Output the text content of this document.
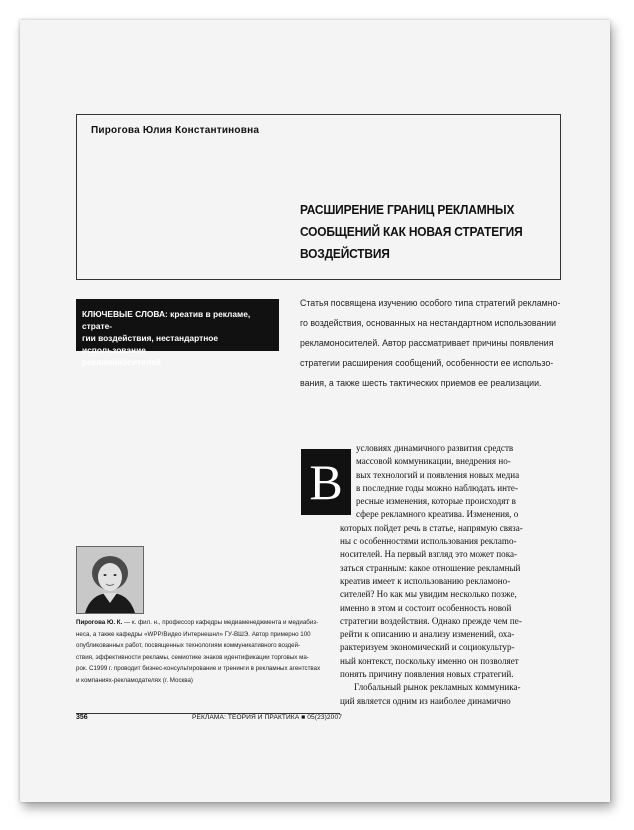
Пирогова Юлия Константиновна
РАСШИРЕНИЕ ГРАНИЦ РЕКЛАМНЫХ
СООБЩЕНИЙ КАК НОВАЯ СТРАТЕГИЯ
ВОЗДЕЙСТВИЯ
КЛЮЧЕВЫЕ СЛОВА: креатив в рекламе, страте-
гии воздействия, нестандартное использование
рекламоносителей
Статья посвящена изучению особого типа стратегий рекламно-
го воздействия, основанных на нестандартном использовании
рекламоносителей. Автор рассматривает причины появления
стратегии расширения сообщений, особенности ее использо-
вания, а также шесть тактических приемов ее реализации.
В
условиях динамичного развития средств
массовой коммуникации, внедрения но-
вых технологий и появления новых медиа
в последние годы можно наблюдать инте-
ресные изменения, которые происходят в
сфере рекламного креатива. Изменения, о
которых пойдет речь в статье, напрямую связа-
ны с особенностями использования реклamo-
носителей. На первый взгляд это может пока-
заться странным: какое отношение рекламный
креатив имеет к использованию рекламоно-
сителей? Но как мы увидим несколько позже,
именно в этом и состоит особенность новой
стратегии воздействия. Однако прежде чем пе-
рейти к описанию и анализу изменений, оха-
рактеризуем экономический и социокультур-
ный контекст, поскольку именно он позволяет
понять причину появления новых стратегий.
Глобальный рынок рекламных коммуника-
ций является одним из наиболее динамично
Пирогова Ю. К. — к. фил. н., профессор кафедры медиаменеджмента и медиабиз-
неса, а также кафедры «WPP/Видео Интернешнл» ГУ-ВШЭ. Автор примерно 100
опубликованных работ, посвященных технологиям коммуникативного воздей-
ствия, эффективности рекламы, семиотике знаков идентификации торговых ма-
рок. С1999 г. проводит бизнес-консультирование и тренинги в рекламных агентствах
и компаниях-рекламодателях (г. Москва)
356	РЕКЛАМА: ТЕОРИЯ И ПРАКТИКА ■ 05(23)2007
